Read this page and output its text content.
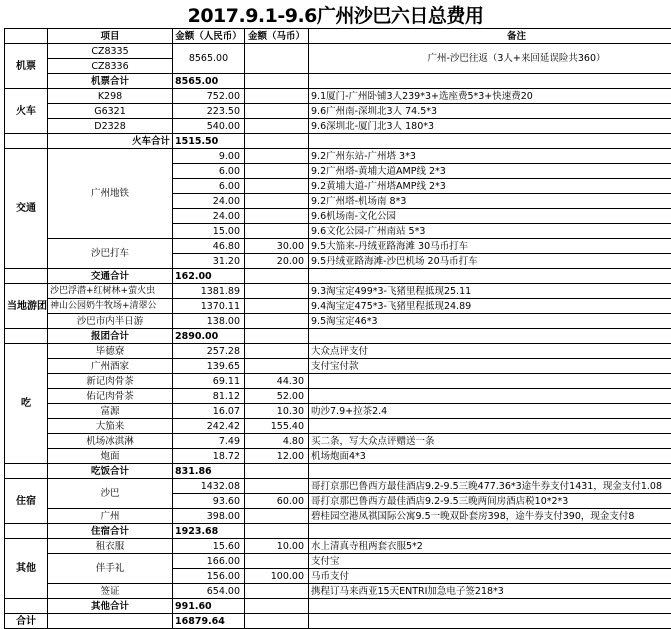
2017.9.1-9.6广州沙巴六日总费用
	项目	金额（人民币）	金额（马币）	备注
机票	CZ8335	8565.00		广州-沙巴往返（3人+来回延误险共360）
	CZ8336			
	机票合计	8565.00		
火车	K298	752.00		9.1厦门-广州卧铺3人239*3+选座费5*3+快速费20
	G6321	223.50		9.6广州南-深圳北3人 74.5*3
	D2328	540.00		9.6深圳北-厦门北3人 180*3
	火车合计	1515.50		
交通	广州地铁	9.00		9.2广州东站-广州塔 3*3
		6.00		9.2广州塔-黄埔大道AMP线 2*3
		6.00		9.2黄埔大道-广州塔AMP线 2*3
		24.00		9.2广州塔-机场南 8*3
		24.00		9.6机场南-文化公园
		15.00		9.6文化公园-广州南站 5*3
	沙巴打车	46.80	30.00	9.5大笳来-丹绒亚路海滩 30马币打车
		31.20	20.00	9.5丹绒亚路海滩-沙巴机场 20马币打车
	交通合计	162.00		
当地游团	沙巴浮潜+红树林+萤火虫	1381.89		9.3淘宝定499*3-飞猪里程抵现25.11
	神山公园奶牛牧场+清翠公	1370.11		9.4淘宝定475*3-飞猪里程抵现24.89
	沙巴市内半日游	138.00		9.5淘宝定46*3
	报团合计	2890.00		
吃	毕德寮	257.28		大众点评支付
	广州酒家	139.65		支付宝付款
	新记肉骨茶	69.11	44.30	
	佑记肉骨茶	81.12	52.00	
	富源	16.07	10.30	叻沙7.9+拉茶2.4
	大笳来	242.42	155.40	
	机场冰淇淋	7.49	4.80	买二条，写大众点评赠送一条
	炮面	18.72	12.00	机场炮面4*3
	吃饭合计	831.86		
住宿	沙巴	1432.08		哥打京那巴鲁西方最佳酒店9.2-9.5三晚477.36*3途牛券支付1431，现金支付1.08
		93.60	60.00	哥打京那巴鲁西方最佳酒店9.2-9.5三晚两间房酒店税10*2*3
	广州	398.00		碧桂园空港凤祺国际公寓9.5一晚双卧套房398，途牛券支付390，现金支付8
	住宿合计	1923.68		
其他	租衣服	15.60	10.00	水上清真寺租两套衣服5*2
	伴手礼	166.00		支付宝
		156.00	100.00	马币支付
	签证	654.00		携程订马来西亚15天ENTRI加急电子签218*3
	其他合计	991.60		
合计		16879.64		
